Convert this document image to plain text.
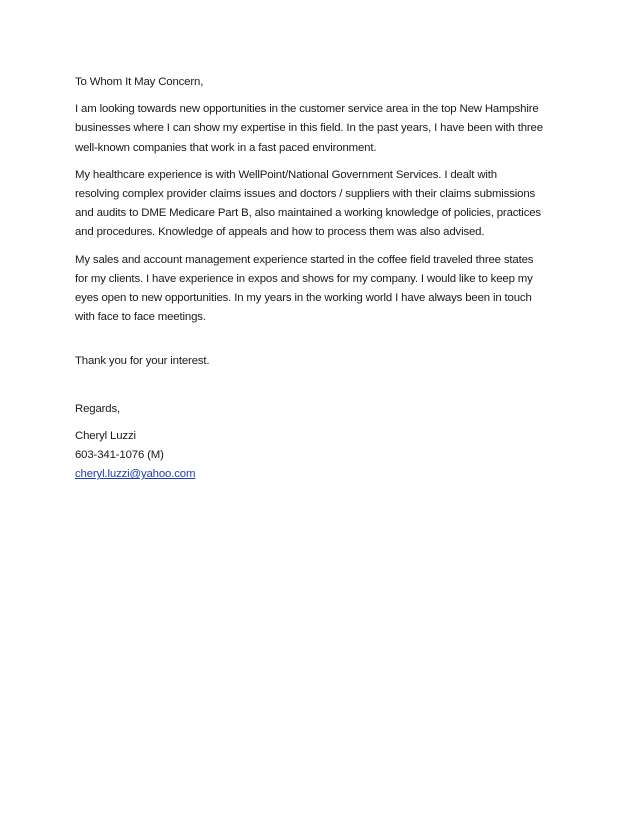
To Whom It May Concern,

I am looking towards new opportunities in the customer service area in the top New Hampshire
businesses where I can show my expertise in this field. In the past years, I have been with three
well-known companies that work in a fast paced environment.

My healthcare experience is with WellPoint/National Government Services. I dealt with
resolving complex provider claims issues and doctors / suppliers with their claims submissions
and audits to DME Medicare Part B, also maintained a working knowledge of policies, practices
and procedures. Knowledge of appeals and how to process them was also advised.

My sales and account management experience started in the coffee field traveled three states
for my clients. I have experience in expos and shows for my company. I would like to keep my
eyes open to new opportunities. In my years in the working world I have always been in touch
with face to face meetings.

Thank you for your interest.

Regards,

Cheryl Luzzi
603-341-1076 (M)
cheryl.luzzi@yahoo.com
